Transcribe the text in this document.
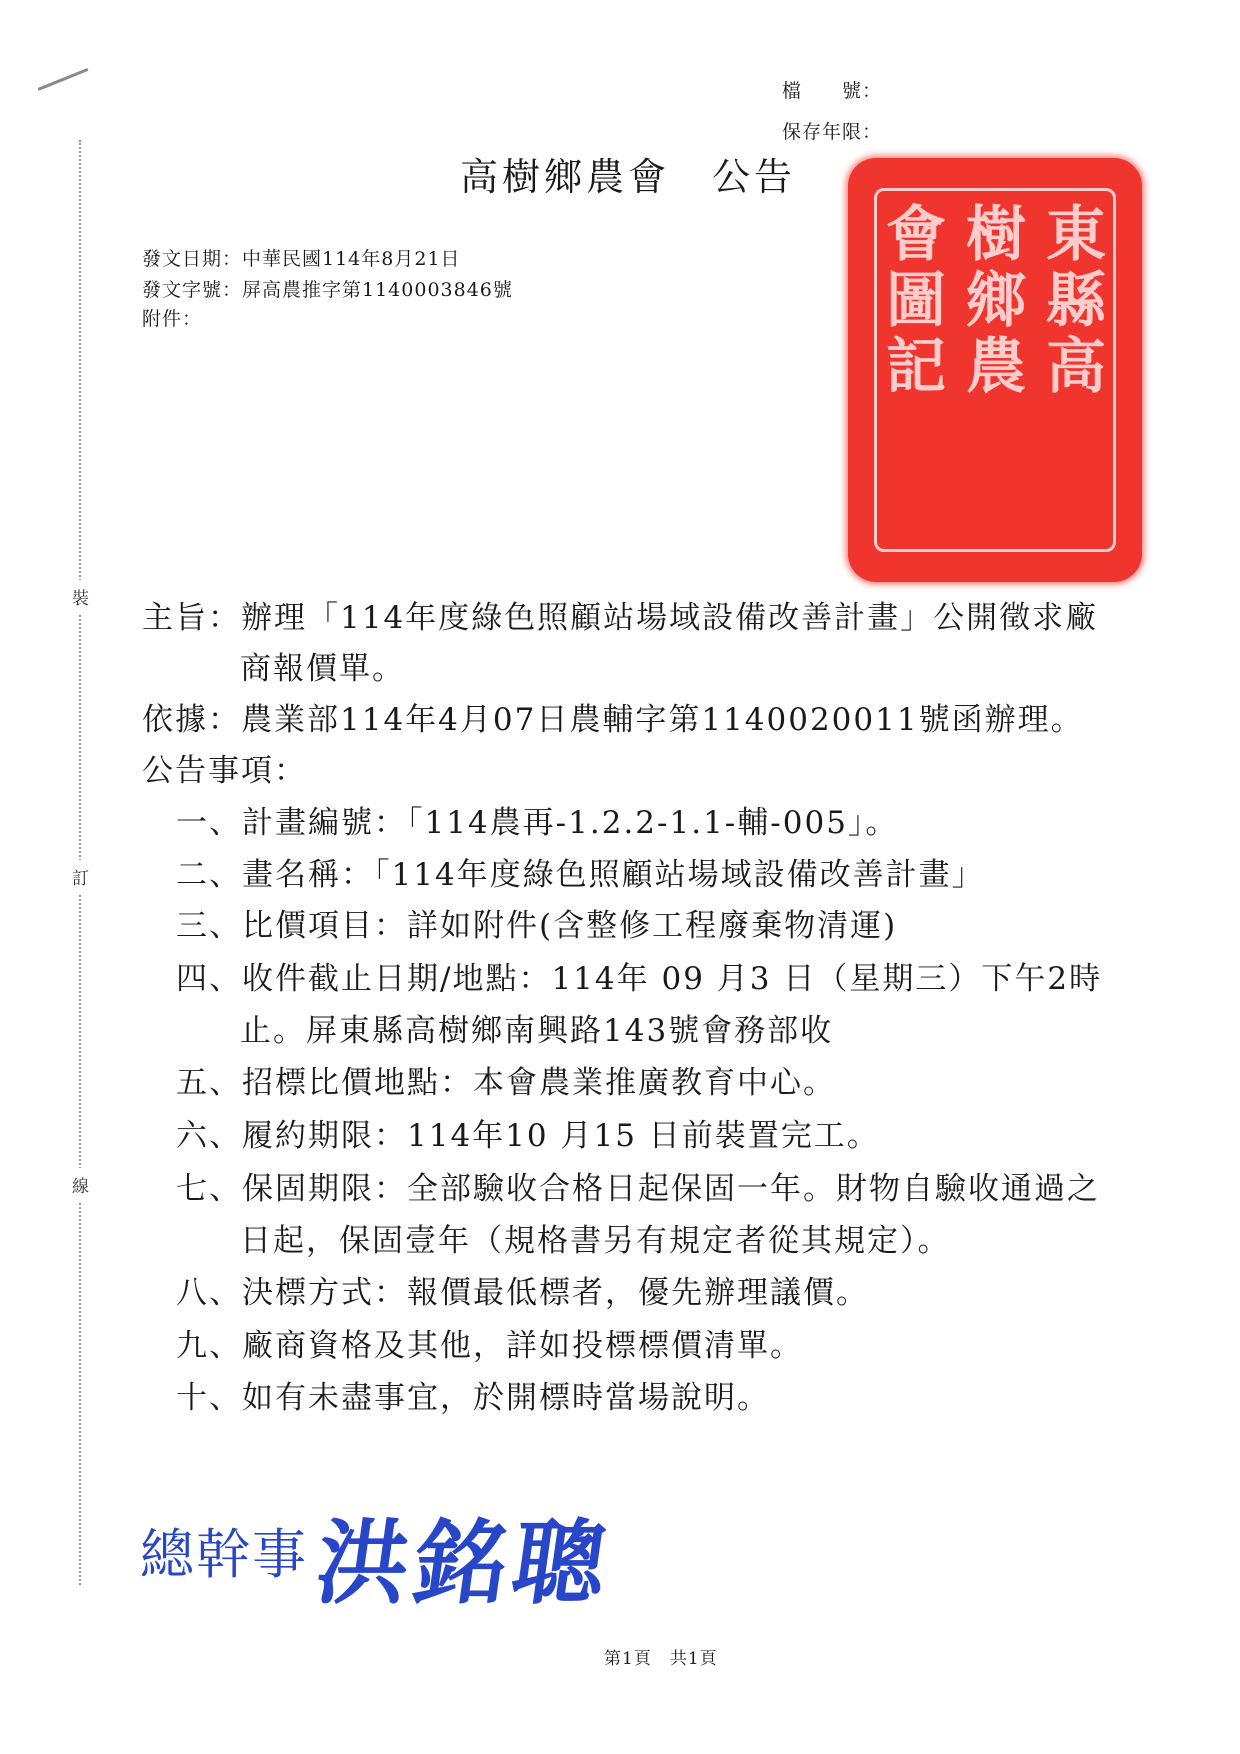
裝
訂
線
檔　　號：
保存年限：
高樹鄉農會　公告
發文日期：中華民國114年8月21日
發文字號：屏高農推字第1140003846號
附件：
東縣高
樹鄉農
會圖記
主旨：辦理「114年度綠色照顧站場域設備改善計畫」公開徵求廠
商報價單。
依據：農業部114年4月07日農輔字第1140020011號函辦理。
公告事項：
一、計畫編號：「114農再-1.2.2-1.1-輔-005」。
二、畫名稱：「114年度綠色照顧站場域設備改善計畫」
三、比價項目：詳如附件(含整修工程廢棄物清運)
四、收件截止日期/地點：114年 09 月3 日（星期三）下午2時
止。屏東縣高樹鄉南興路143號會務部收
五、招標比價地點：本會農業推廣教育中心。
六、履約期限：114年10 月15 日前裝置完工。
七、保固期限：全部驗收合格日起保固一年。財物自驗收通過之
日起，保固壹年（規格書另有規定者從其規定）。
八、決標方式：報價最低標者，優先辦理議價。
九、廠商資格及其他，詳如投標標價清單。
十、如有未盡事宜，於開標時當場說明。
總幹事 洪銘聰
第1頁　共1頁
